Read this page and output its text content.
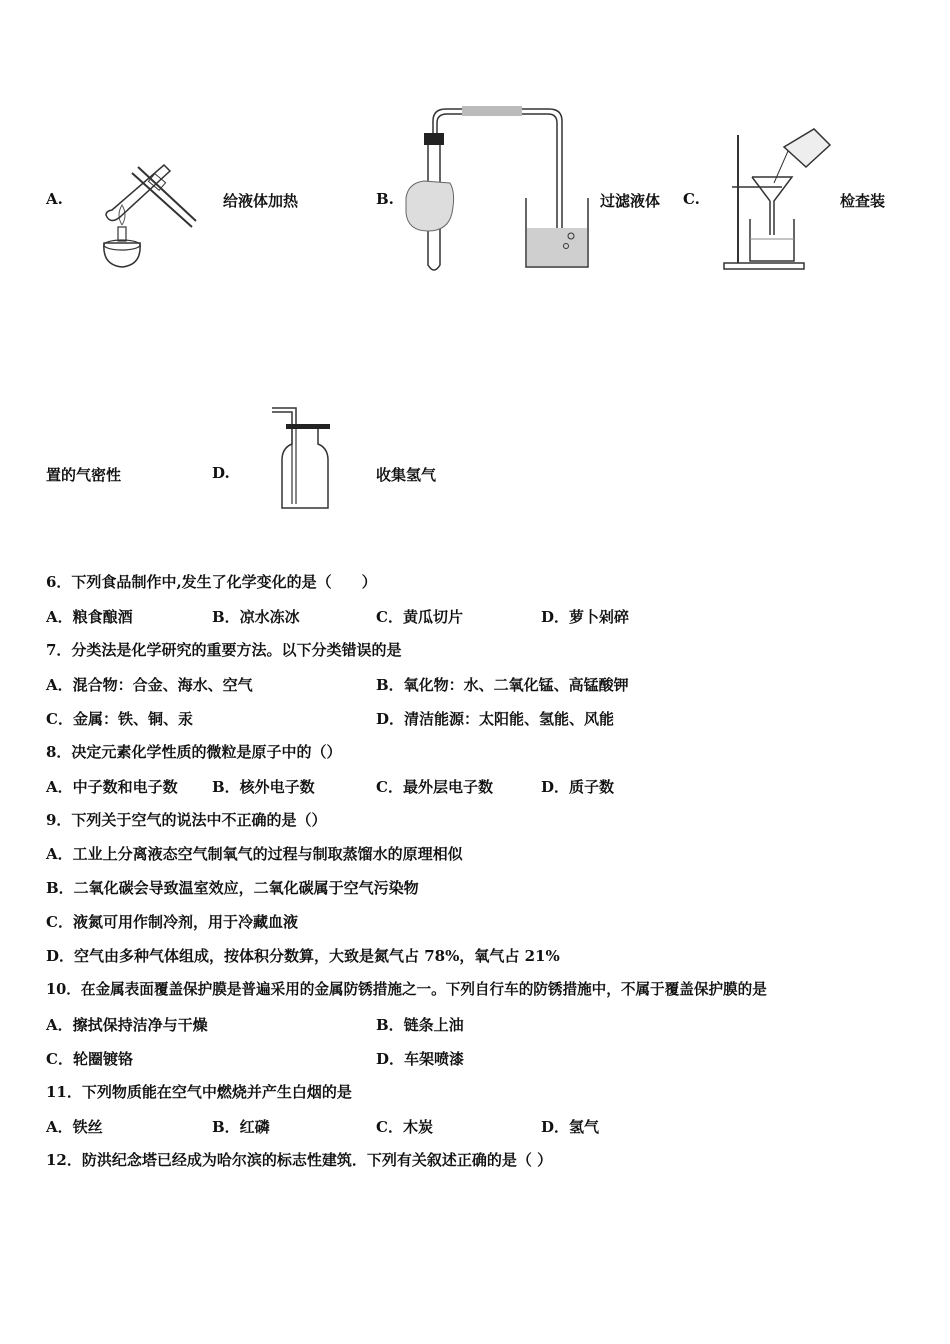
A.	给液体加热	B.	过滤液体 C.	检查装
置的气密性	D.	收集氢气
6．下列食品制作中,发生了化学变化的是（　　）
A．粮食酿酒	B．凉水冻冰	C．黄瓜切片	D．萝卜剁碎
7．分类法是化学研究的重要方法。以下分类错误的是
A．混合物：合金、海水、空气	B．氧化物：水、二氧化锰、高锰酸钾
C．金属：铁、铜、汞	D．清洁能源：太阳能、氢能、风能
8．决定元素化学性质的微粒是原子中的（）
A．中子数和电子数 B．核外电子数	C．最外层电子数	D．质子数
9．下列关于空气的说法中不正确的是（）
A．工业上分离液态空气制氧气的过程与制取蒸馏水的原理相似
B．二氧化碳会导致温室效应，二氧化碳属于空气污染物
C．液氮可用作制冷剂，用于冷藏血液
D．空气由多种气体组成，按体积分数算，大致是氮气占 78%，氧气占 21%
10．在金属表面覆盖保护膜是普遍采用的金属防锈措施之一。下列自行车的防锈措施中，不属于覆盖保护膜的是
A．擦拭保持洁净与干燥	B．链条上油
C．轮圈镀铬	D．车架喷漆
11．下列物质能在空气中燃烧并产生白烟的是
A．铁丝	B．红磷	C．木炭	D．氢气
12．防洪纪念塔已经成为哈尔滨的标志性建筑．下列有关叙述正确的是（ ）
